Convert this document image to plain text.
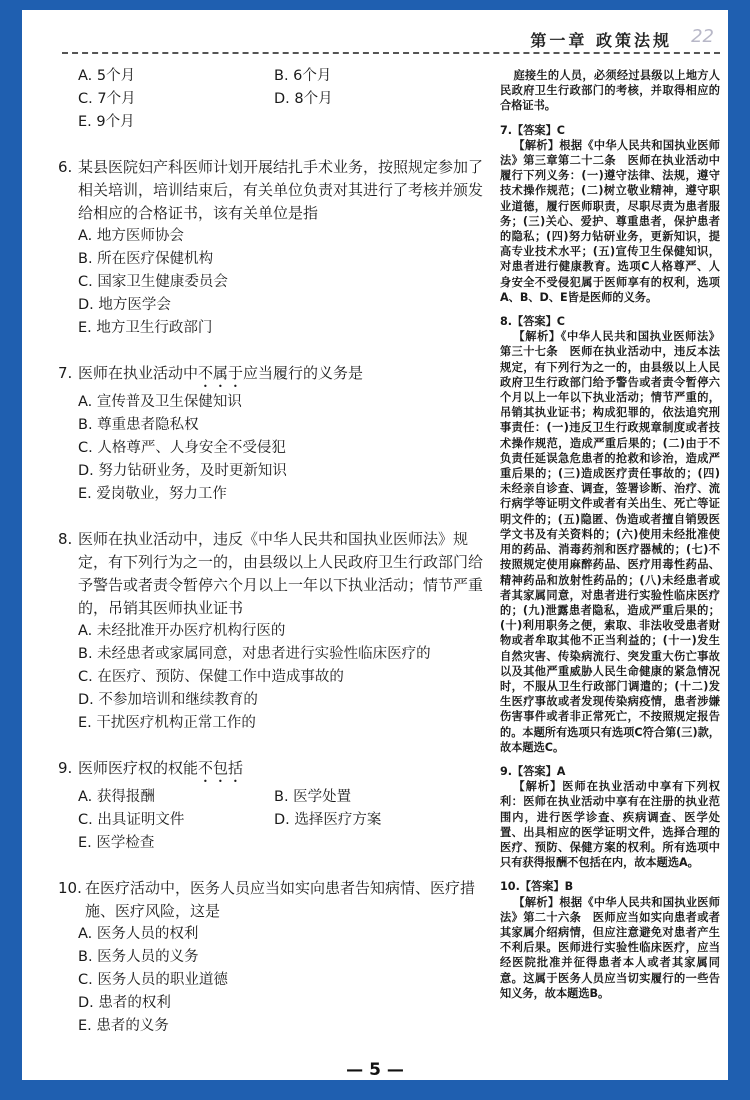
第一章 政策法规 22
A. 5个月	B. 6个月
C. 7个月	D. 8个月
E. 9个月
6. 某县医院妇产科医师计划开展结扎手术业务，按照规定参加了相关培训，培训结束后，有关单位负责对其进行了考核并颁发给相应的合格证书，该有关单位是指
A. 地方医师协会
B. 所在医疗保健机构
C. 国家卫生健康委员会
D. 地方医学会
E. 地方卫生行政部门
7. 医师在执业活动中不属于应当履行的义务是
A. 宣传普及卫生保健知识
B. 尊重患者隐私权
C. 人格尊严、人身安全不受侵犯
D. 努力钻研业务，及时更新知识
E. 爱岗敬业，努力工作
8. 医师在执业活动中，违反《中华人民共和国执业医师法》规定，有下列行为之一的，由县级以上人民政府卫生行政部门给予警告或者责令暂停六个月以上一年以下执业活动；情节严重的，吊销其医师执业证书
A. 未经批准开办医疗机构行医的
B. 未经患者或家属同意，对患者进行实验性临床医疗的
C. 在医疗、预防、保健工作中造成事故的
D. 不参加培训和继续教育的
E. 干扰医疗机构正常工作的
9. 医师医疗权的权能不包括
A. 获得报酬	B. 医学处置
C. 出具证明文件	D. 选择医疗方案
E. 医学检查
10. 在医疗活动中，医务人员应当如实向患者告知病情、医疗措施、医疗风险，这是
A. 医务人员的权利
B. 医务人员的义务
C. 医务人员的职业道德
D. 患者的权利
E. 患者的义务
庭接生的人员，必须经过县级以上地方人民政府卫生行政部门的考核，并取得相应的合格证书。
7.【答案】C
【解析】根据《中华人民共和国执业医师法》第三章第二十二条　医师在执业活动中履行下列义务：(一)遵守法律、法规，遵守技术操作规范；(二)树立敬业精神，遵守职业道德，履行医师职责，尽职尽责为患者服务；(三)关心、爱护、尊重患者，保护患者的隐私；(四)努力钻研业务，更新知识，提高专业技术水平；(五)宣传卫生保健知识，对患者进行健康教育。选项C人格尊严、人身安全不受侵犯属于医师享有的权利，选项A、B、D、E皆是医师的义务。
8.【答案】C
【解析】《中华人民共和国执业医师法》第三十七条　医师在执业活动中，违反本法规定，有下列行为之一的，由县级以上人民政府卫生行政部门给予警告或者责令暂停六个月以上一年以下执业活动；情节严重的，吊销其执业证书；构成犯罪的，依法追究刑事责任：(一)违反卫生行政规章制度或者技术操作规范，造成严重后果的；(二)由于不负责任延误急危患者的抢救和诊治，造成严重后果的；(三)造成医疗责任事故的；(四)未经亲自诊查、调查，签署诊断、治疗、流行病学等证明文件或者有关出生、死亡等证明文件的；(五)隐匿、伪造或者擅自销毁医学文书及有关资料的；(六)使用未经批准使用的药品、消毒药剂和医疗器械的；(七)不按照规定使用麻醉药品、医疗用毒性药品、精神药品和放射性药品的；(八)未经患者或者其家属同意，对患者进行实验性临床医疗的；(九)泄露患者隐私，造成严重后果的；(十)利用职务之便，索取、非法收受患者财物或者牟取其他不正当利益的；(十一)发生自然灾害、传染病流行、突发重大伤亡事故以及其他严重威胁人民生命健康的紧急情况时，不服从卫生行政部门调遣的；(十二)发生医疗事故或者发现传染病疫情，患者涉嫌伤害事件或者非正常死亡，不按照规定报告的。本题所有选项只有选项C符合第(三)款，故本题选C。
9.【答案】A
【解析】医师在执业活动中享有下列权利：医师在执业活动中享有在注册的执业范围内，进行医学诊查、疾病调查、医学处置、出具相应的医学证明文件，选择合理的医疗、预防、保健方案的权利。所有选项中只有获得报酬不包括在内，故本题选A。
10.【答案】B
【解析】根据《中华人民共和国执业医师法》第二十六条　医师应当如实向患者或者其家属介绍病情，但应注意避免对患者产生不利后果。医师进行实验性临床医疗，应当经医院批准并征得患者本人或者其家属同意。这属于医务人员应当切实履行的一些告知义务，故本题选B。
— 5 —
